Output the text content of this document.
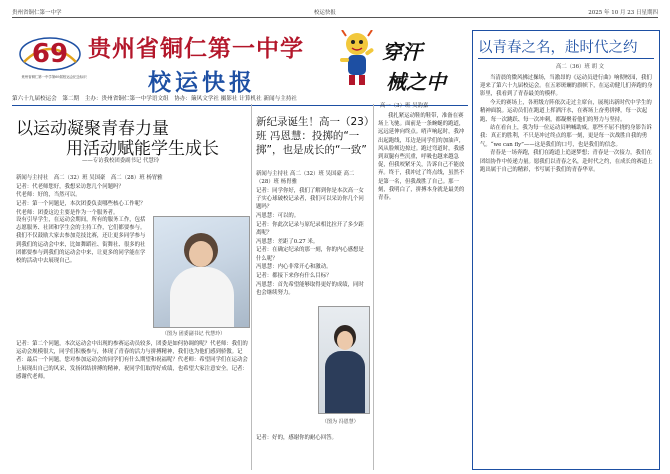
贵州省铜仁第一中学	校运快报	2025 年 10 月 23 日星期四
69
贵州省铜仁第一中学第69届校运会纪念标识
贵州省铜仁第一中学
校运快报
穿汗
械之中
第六十九届校运会　第二期　主办：贵州省铜仁第一中学语文组　协办：簸风文学社 摄影社 计算机社 新闻与主持社
以运动凝聚青春力量
用活动赋能学生成长
——专访我校团委副书记 代慧玲

新闻与主持社　高二（32）班 吴国豪　高二（28）班 杨胃雅

记者：代老师您好，我想采访您几个问题吗？

代老师：好的，当然可以。

记者：第一个问题是，本次团委负责哪些核心工作呢？

代老师：团委这边主要是作为一个服务者。

设有引导学生，在运动会期间，所有的服务工作，包括志愿服务、社团和学生会的主持工作，它们都要参与。我们不仅鼓励大家去参加竞技比赛，还让更多同学参与到我们的运动会中来，比如舞蹈社、街舞社、很多的社团都要参与到我们的运动会中来，让更多的同学能在学校的活动中去展现自己。
（图为 团委副书记 代慧玲）
记者：第二个问题，本次运动会中出现的参赛运动员较多，团委是如何协调的呢？代老师：我们的运动会规模很大，同学们积极参与，体现了青春的活力与拼搏精神，我们也为他们感到骄傲。记者：最后一个问题，您对参加运动会的同学们有什么期望和祝福呢？代老师：希望同学们在运动会上展现出自己的风采，发扬团结拼搏的精神，祝同学们取得好成绩，也希望大家注意安全。记者：感谢代老师。
新纪录诞生！高一（23）班 冯恩慧：投掷的“一掷”，也是成长的“一致”

新闻与主持社 高二（32）班 吴国豪 高二（28）班 杨胃雅

记者：同学你好，我们了解到你是本次高一女子实心球破校记录者，我们可以采访你几个问题吗？

冯恩慧：可以的。

记者：你此次记录与原纪录相比拉开了多少距离呢？

冯恩慧：差距了0.27 米。

记者：在确定纪录的那一刻，你的内心感想是什么呢？

冯恩慧：内心非常开心和激动。

记者：都接下来你有什么目标？

冯恩慧：首先希望能够取得更好的成绩，同时也会继续努力。

（图为 冯恩慧）
记者：好的，感谢你的耐心回答。
高一（3）班 吴韵嘉
我扎紧运动鞋的鞋带，准备在赛场上飞驰。面前是一条蜿蜒的跑道，远远延伸向终点。哨声响起时，我冲出起跑线，耳边是同学们的加油声，风从脸颊边掠过。跑过弯道时，我感到双腿有些沉重，呼吸也越来越急促，但我咬紧牙关，告诉自己不能放弃。终于，我冲过了终点线，虽然不是第一名，但我战胜了自己。那一刻，我明白了，拼搏本身就是最美的青春。
以青春之名，赴时代之约
高二（36）班 胡 文

当清晨的微风拂过操场，当激昂的《运动员进行曲》响彻校园，我们迎来了第六十九届校运会。在五彩斑斓的旗帜下，在运动健儿们奔跑的身影里，我看到了青春最美的模样。

今天的赛场上，各班级方阵依次走过主席台，展现出新时代中学生的精神面貌。运动员们在跑道上挥洒汗水，在赛场上奋勇拼搏，每一次起跑、每一次跳跃、每一次冲刺，都凝聚着他们的努力与坚持。

站在看台上，我为每一位运动员呐喊助威。那些不屈不挠的身影告诉我：真正的胜利，不只是冲过终点的那一刻，更是每一次战胜自我的勇气。“we can fly”——这是我们的口号，也是我们的信念。

青春是一场奔跑，我们在跑道上追逐梦想；青春是一次接力，我们在团结协作中传递力量。愿我们以青春之名，赴时代之约，在成长的赛道上跑出属于自己的精彩，书写属于我们的青春华章。
